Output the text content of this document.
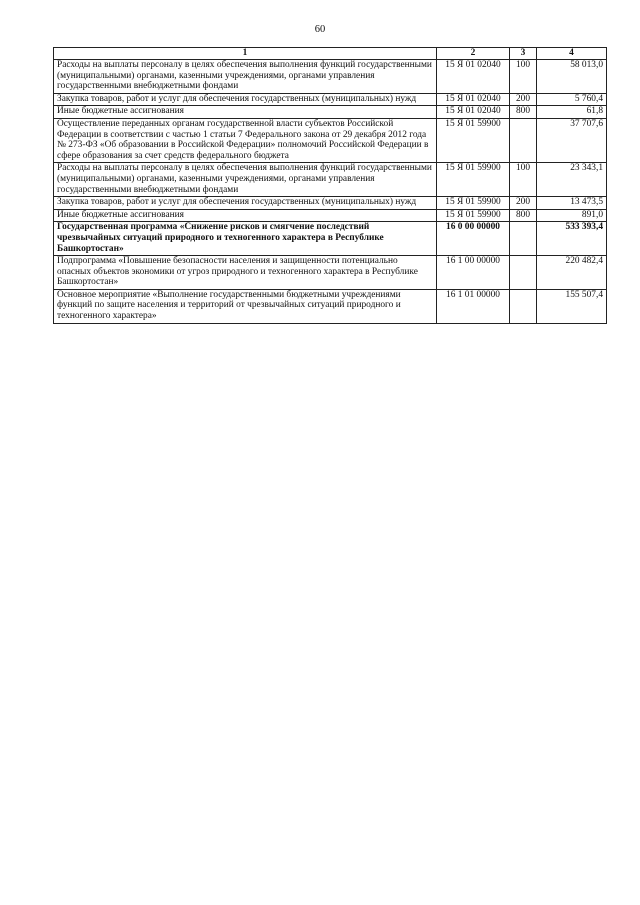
60
1	2	3	4
Расходы на выплаты персоналу в целях обеспечения выполнения функций государственными (муниципальными) органами, казенными учреждениями, органами управления государственными внебюджетными фондами	15 Я 01 02040	100	58 013,0
Закупка товаров, работ и услуг для обеспечения государственных (муниципальных) нужд	15 Я 01 02040	200	5 760,4
Иные бюджетные ассигнования	15 Я 01 02040	800	61,8
Осуществление переданных органам государственной власти субъектов Российской Федерации в соответствии с частью 1 статьи 7 Федерального закона от 29 декабря 2012 года № 273-ФЗ «Об образовании в Российской Федерации» полномочий Российской Федерации в сфере образования за счет средств федерального бюджета	15 Я 01 59900		37 707,6
Расходы на выплаты персоналу в целях обеспечения выполнения функций государственными (муниципальными) органами, казенными учреждениями, органами управления государственными внебюджетными фондами	15 Я 01 59900	100	23 343,1
Закупка товаров, работ и услуг для обеспечения государственных (муниципальных) нужд	15 Я 01 59900	200	13 473,5
Иные бюджетные ассигнования	15 Я 01 59900	800	891,0
Государственная программа «Снижение рисков и смягчение последствий чрезвычайных ситуаций природного и техногенного характера в Республике Башкортостан»	16 0 00 00000		533 393,4
Подпрограмма «Повышение безопасности населения и защищенности потенциально опасных объектов экономики от угроз природного и техногенного характера в Республике Башкортостан»	16 1 00 00000		220 482,4
Основное мероприятие «Выполнение государственными бюджетными учреждениями функций по защите населения и территорий от чрезвычайных ситуаций природного и техногенного характера»	16 1 01 00000		155 507,4
